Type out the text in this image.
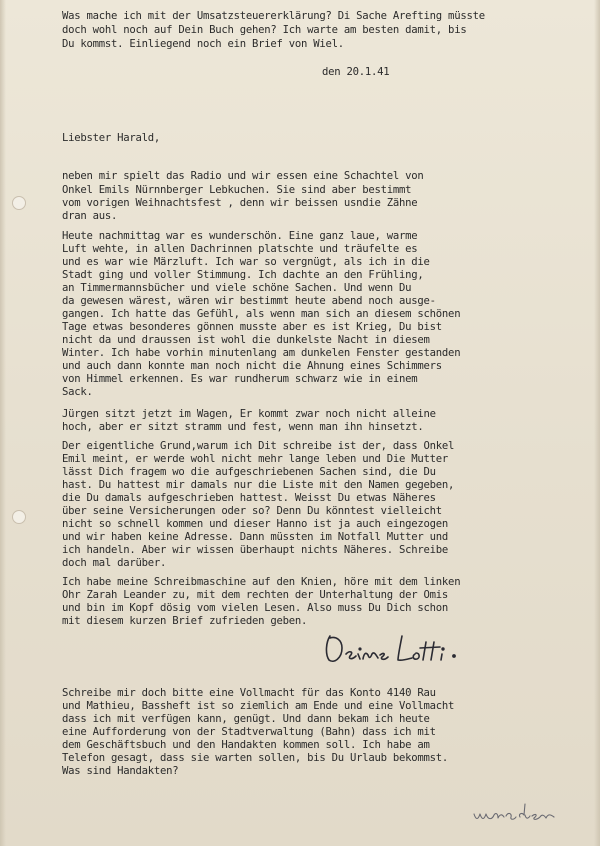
Was mache ich mit der Umsatzsteuererklärung? Di Sache Arefting müsste

doch wohl noch auf Dein Buch gehen? Ich warte am besten damit, bis

Du kommst. Einliegend noch ein Brief von Wiel.

den 20.1.41

Liebster Harald,

neben mir spielt das Radio und wir essen eine Schachtel von

Onkel Emils Nürnnberger Lebkuchen. Sie sind aber bestimmt

vom vorigen Weihnachtsfest , denn wir beissen usndie Zähne

dran aus.

Heute nachmittag war es wunderschön. Eine ganz laue, warme

Luft wehte, in allen Dachrinnen platschte und träufelte es

und es war wie Märzluft. Ich war so vergnügt, als ich in die

Stadt ging und voller Stimmung. Ich dachte an den Frühling,

an Timmermannsbücher und viele schöne Sachen. Und wenn Du

da gewesen wärest, wären wir bestimmt heute abend noch ausge-

gangen. Ich hatte das Gefühl, als wenn man sich an diesem schönen

Tage etwas besonderes gönnen musste aber es ist Krieg, Du bist

nicht da und draussen ist wohl die dunkelste Nacht in diesem

Winter. Ich habe vorhin minutenlang am dunkelen Fenster gestanden

und auch dann konnte man noch nicht die Ahnung eines Schimmers

von Himmel erkennen. Es war rundherum schwarz wie in einem

Sack.

Jürgen sitzt jetzt im Wagen, Er kommt zwar noch nicht alleine

hoch, aber er sitzt stramm und fest, wenn man ihn hinsetzt.

Der eigentliche Grund,warum ich Dit schreibe ist der, dass Onkel

Emil meint, er werde wohl nicht mehr lange leben und Die Mutter

lässt Dich fragem wo die aufgeschriebenen Sachen sind, die Du

hast. Du hattest mir damals nur die Liste mit den Namen gegeben,

die Du damals aufgeschrieben hattest. Weisst Du etwas Näheres

über seine Versicherungen oder so? Denn Du könntest vielleicht

nicht so schnell kommen und dieser Hanno ist ja auch eingezogen

und wir haben keine Adresse. Dann müssten im Notfall Mutter und

ich handeln. Aber wir wissen überhaupt nichts Näheres. Schreibe

doch mal darüber.

Ich habe meine Schreibmaschine auf den Knien, höre mit dem linken

Ohr Zarah Leander zu, mit dem rechten der Unterhaltung der Omis

und bin im Kopf dösig vom vielen Lesen. Also muss Du Dich schon

mit diesem kurzen Brief zufrieden geben.

Schreibe mir doch bitte eine Vollmacht für das Konto 4140 Rau

und Mathieu, Bassheft ist so ziemlich am Ende und eine Vollmacht

dass ich mit verfügen kann, genügt. Und dann bekam ich heute

eine Aufforderung von der Stadtverwaltung (Bahn) dass ich mit

dem Geschäftsbuch und den Handakten kommen soll. Ich habe am

Telefon gesagt, dass sie warten sollen, bis Du Urlaub bekommst.

Was sind Handakten?
